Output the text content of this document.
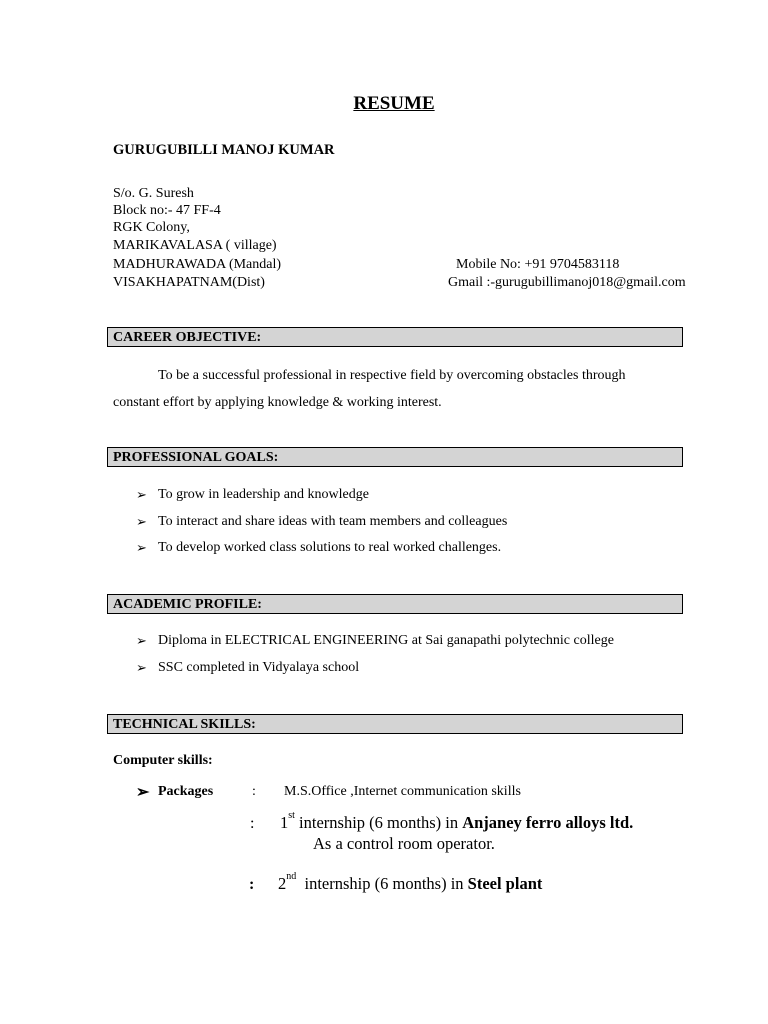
RESUME
GURUGUBILLI MANOJ KUMAR
S/o. G. Suresh
Block no:- 47 FF-4
RGK Colony,
MARIKAVALASA ( village)
MADHURAWADA (Mandal)
VISAKHAPATNAM(Dist)
Mobile No: +91 9704583118
Gmail :-gurugubillimanoj018@gmail.com
CAREER OBJECTIVE:
To be a successful professional in respective field by overcoming obstacles through
constant effort by applying knowledge & working interest.
PROFESSIONAL GOALS:
➢ To grow in leadership and knowledge
➢ To interact and share ideas with team members and colleagues
➢ To develop worked class solutions to real worked challenges.
ACADEMIC PROFILE:
➢ Diploma in ELECTRICAL ENGINEERING at Sai ganapathi polytechnic college
➢ SSC completed in Vidyalaya school
TECHNICAL SKILLS:
Computer skills:
➢ Packages	: M.S.Office ,Internet communication skills
: 1st internship (6 months) in Anjaney ferro alloys ltd.
As a control room operator.
: 2nd  internship (6 months) in Steel plant
